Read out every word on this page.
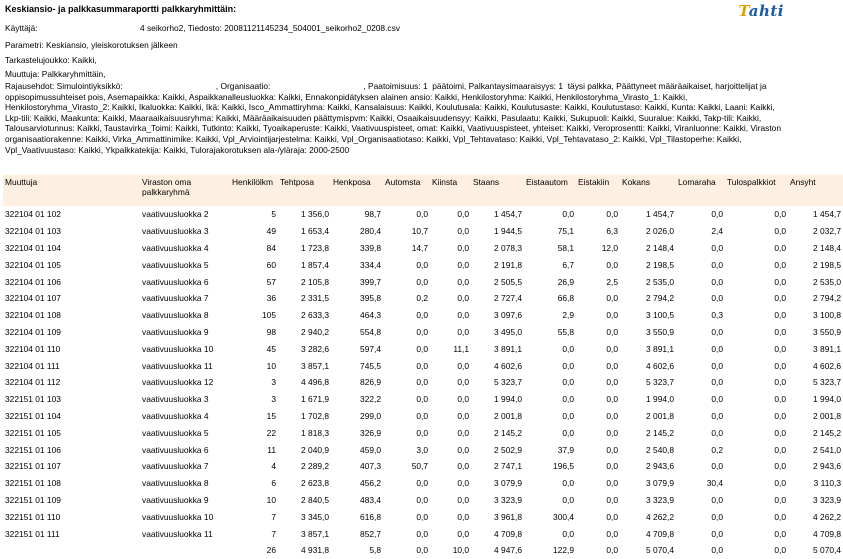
Keskiansio- ja palkkasummaraportti palkkaryhmittäin:	Tahti
Käyttäjä:	4 seikorho2, Tiedosto: 20081121145234_504001_seikorho2_0208.csv
Parametri: Keskiansio, yleiskorotuksen jälkeen
Tarkastelujoukko: Kaikki,
Muuttuja: Palkkaryhmittäin,
Rajausehdot: Simulointiyksikkö:                                        , Organisaatio:                                        , Paatoimisuus: 1  päätoimi, Palkantaysimaaraisyys: 1  täysi palkka, Päättyneet määräaikaiset, harjoittelijat ja oppisopimussuhteiset pois, Asemapaikka: Kaikki, Aspaikkanalleusluokka: Kaikki, Ennakonpidätyksen alainen ansio: Kaikki, Henkilostoryhma: Kaikki, Henkilostoryhma_Virasto_1: Kaikki, Henkilostoryhma_Virasto_2: Kaikki, Ikaluokka: Kaikki, Ikä: Kaikki, Isco_Ammattiryhma: Kaikki, Kansalaisuus: Kaikki, Koulutusala: Kaikki, Koulutusaste: Kaikki, Koulutustaso: Kaikki, Kunta: Kaikki, Laani: Kaikki, Lkp-tili: Kaikki, Maakunta: Kaikki, Maaraaikaisuusryhma: Kaikki, Määräaikaisuuden päättymispvm: Kaikki, Osaaikaisuudensyy: Kaikki, Pasulaatu: Kaikki, Sukupuoli: Kaikki, Suuralue: Kaikki, Takp-tili: Kaikki, Talousarviotunnus: Kaikki, Taustavirka_Toimi: Kaikki, Tutkinto: Kaikki, Tyoaikaperuste: Kaikki, Vaativuuspisteet, omat: Kaikki, Vaativuuspisteet, yhteiset: Kaikki, Veroprosentti: Kaikki, Viranluonne: Kaikki, Viraston organisaatiorakenne: Kaikki, Virka_Ammattinimike: Kaikki, Vpl_Arviointijarjestelma: Kaikki, Vpl_Organisaatiotaso: Kaikki, Vpl_Tehtavataso: Kaikki, Vpl_Tehtavataso_2: Kaikki, Vpl_Tilastoperhe: Kaikki, Vpl_Vaativuustaso: Kaikki, Ykpalkkatekija: Kaikki, Tulorajakorotuksen ala-/yläraja: 2000-2500
Muuttuja	Viraston oma palkkaryhmä	Henkilölkm	Tehtposa	Henkposa	Automsta	Kiinsta	Staans	Eistaautom	Eistakiin	Kokans	Lomaraha	Tulospalkkiot	Ansyht
322104 01 102	vaativuusluokka 2	5	1 356,0	98,7	0,0	0,0	1 454,7	0,0	0,0	1 454,7	0,0	0,0	1 454,7
322104 01 103	vaativuusluokka 3	49	1 653,4	280,4	10,7	0,0	1 944,5	75,1	6,3	2 026,0	2,4	0,0	2 032,7
322104 01 104	vaativuusluokka 4	84	1 723,8	339,8	14,7	0,0	2 078,3	58,1	12,0	2 148,4	0,0	0,0	2 148,4
322104 01 105	vaativuusluokka 5	60	1 857,4	334,4	0,0	0,0	2 191,8	6,7	0,0	2 198,5	0,0	0,0	2 198,5
322104 01 106	vaativuusluokka 6	57	2 105,8	399,7	0,0	0,0	2 505,5	26,9	2,5	2 535,0	0,0	0,0	2 535,0
322104 01 107	vaativuusluokka 7	36	2 331,5	395,8	0,2	0,0	2 727,4	66,8	0,0	2 794,2	0,0	0,0	2 794,2
322104 01 108	vaativuusluokka 8	105	2 633,3	464,3	0,0	0,0	3 097,6	2,9	0,0	3 100,5	0,3	0,0	3 100,8
322104 01 109	vaativuusluokka 9	98	2 940,2	554,8	0,0	0,0	3 495,0	55,8	0,0	3 550,9	0,0	0,0	3 550,9
322104 01 110	vaativuusluokka 10	45	3 282,6	597,4	0,0	11,1	3 891,1	0,0	0,0	3 891,1	0,0	0,0	3 891,1
322104 01 111	vaativuusluokka 11	10	3 857,1	745,5	0,0	0,0	4 602,6	0,0	0,0	4 602,6	0,0	0,0	4 602,6
322104 01 112	vaativuusluokka 12	3	4 496,8	826,9	0,0	0,0	5 323,7	0,0	0,0	5 323,7	0,0	0,0	5 323,7
322151 01 103	vaativuusluokka 3	3	1 671,9	322,2	0,0	0,0	1 994,0	0,0	0,0	1 994,0	0,0	0,0	1 994,0
322151 01 104	vaativuusluokka 4	15	1 702,8	299,0	0,0	0,0	2 001,8	0,0	0,0	2 001,8	0,0	0,0	2 001,8
322151 01 105	vaativuusluokka 5	22	1 818,3	326,9	0,0	0,0	2 145,2	0,0	0,0	2 145,2	0,0	0,0	2 145,2
322151 01 106	vaativuusluokka 6	11	2 040,9	459,0	3,0	0,0	2 502,9	37,9	0,0	2 540,8	0,2	0,0	2 541,0
322151 01 107	vaativuusluokka 7	4	2 289,2	407,3	50,7	0,0	2 747,1	196,5	0,0	2 943,6	0,0	0,0	2 943,6
322151 01 108	vaativuusluokka 8	6	2 623,8	456,2	0,0	0,0	3 079,9	0,0	0,0	3 079,9	30,4	0,0	3 110,3
322151 01 109	vaativuusluokka 9	10	2 840,5	483,4	0,0	0,0	3 323,9	0,0	0,0	3 323,9	0,0	0,0	3 323,9
322151 01 110	vaativuusluokka 10	7	3 345,0	616,8	0,0	0,0	3 961,8	300,4	0,0	4 262,2	0,0	0,0	4 262,2
322151 01 111	vaativuusluokka 11	7	3 857,1	852,7	0,0	0,0	4 709,8	0,0	0,0	4 709,8	0,0	0,0	4 709,8
		26	4 931,8	5,8	0,0	10,0	4 947,6	122,9	0,0	5 070,4	0,0	0,0	5 070,4
